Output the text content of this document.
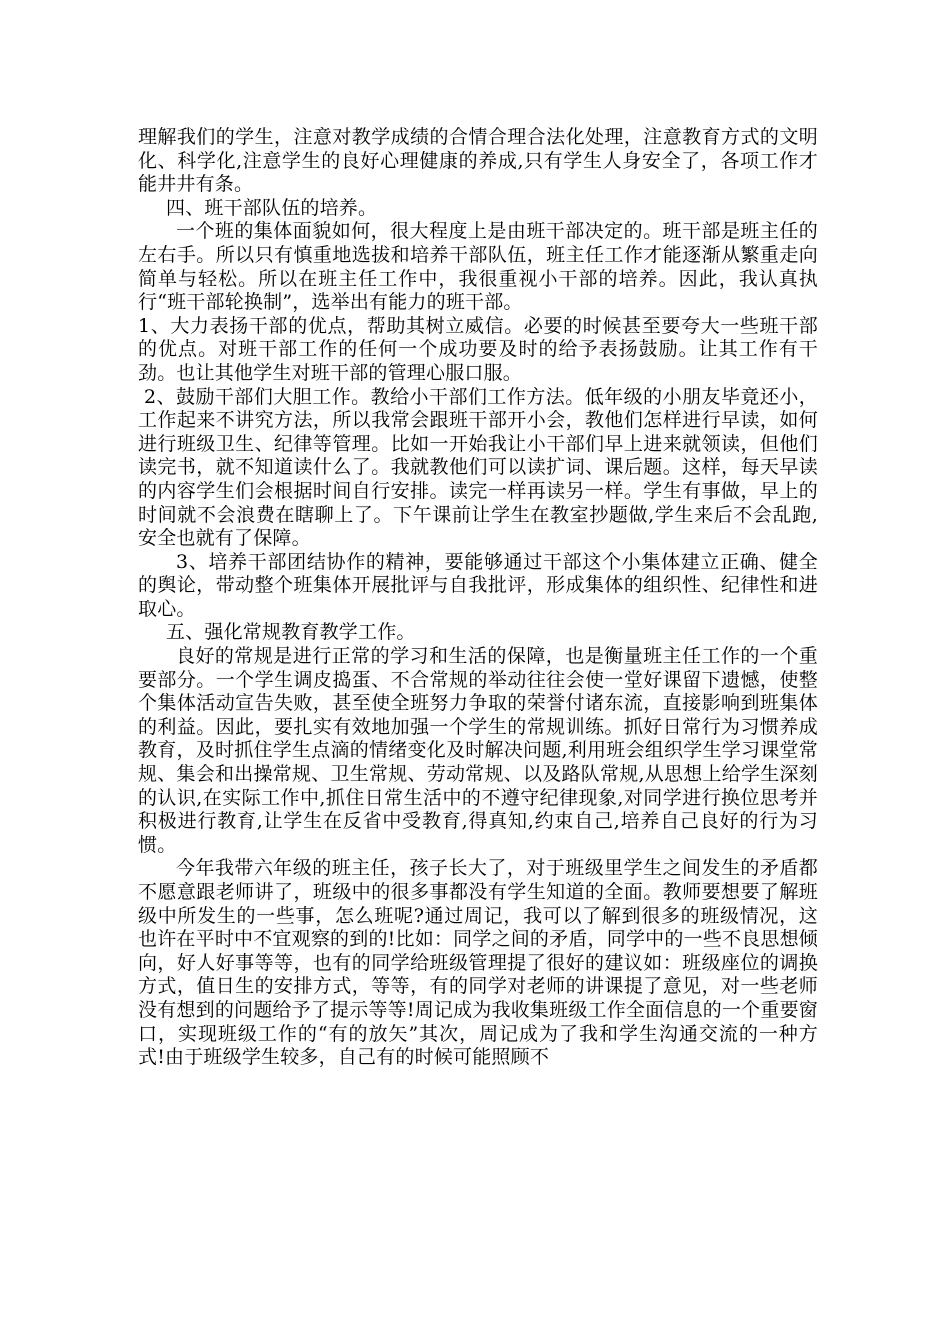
理解我们的学生，注意对教学成绩的合情合理合法化处理，注意教育方式的文明化、科学化,注意学生的良好心理健康的养成,只有学生人身安全了，各项工作才能井井有条。

四、班干部队伍的培养。

一个班的集体面貌如何，很大程度上是由班干部决定的。班干部是班主任的左右手。所以只有慎重地选拔和培养干部队伍，班主任工作才能逐渐从繁重走向简单与轻松。所以在班主任工作中，我很重视小干部的培养。因此，我认真执行“班干部轮换制”，选举出有能力的班干部。

1、大力表扬干部的优点，帮助其树立威信。必要的时候甚至要夸大一些班干部的优点。对班干部工作的任何一个成功要及时的给予表扬鼓励。让其工作有干劲。也让其他学生对班干部的管理心服口服。

2、鼓励干部们大胆工作。教给小干部们工作方法。低年级的小朋友毕竟还小，工作起来不讲究方法，所以我常会跟班干部开小会，教他们怎样进行早读，如何进行班级卫生、纪律等管理。比如一开始我让小干部们早上进来就领读，但他们读完书，就不知道读什么了。我就教他们可以读扩词、课后题。这样，每天早读的内容学生们会根据时间自行安排。读完一样再读另一样。学生有事做，早上的时间就不会浪费在瞎聊上了。下午课前让学生在教室抄题做,学生来后不会乱跑,安全也就有了保障。

3、培养干部团结协作的精神，要能够通过干部这个小集体建立正确、健全的舆论，带动整个班集体开展批评与自我批评，形成集体的组织性、纪律性和进取心。

五、强化常规教育教学工作。

良好的常规是进行正常的学习和生活的保障，也是衡量班主任工作的一个重要部分。一个学生调皮捣蛋、不合常规的举动往往会使一堂好课留下遗憾，使整个集体活动宣告失败，甚至使全班努力争取的荣誉付诸东流，直接影响到班集体的利益。因此，要扎实有效地加强一个学生的常规训练。抓好日常行为习惯养成教育，及时抓住学生点滴的情绪变化及时解决问题,利用班会组织学生学习课堂常规、集会和出操常规、卫生常规、劳动常规、以及路队常规,从思想上给学生深刻的认识,在实际工作中,抓住日常生活中的不遵守纪律现象,对同学进行换位思考并积极进行教育,让学生在反省中受教育,得真知,约束自己,培养自己良好的行为习惯。

今年我带六年级的班主任，孩子长大了，对于班级里学生之间发生的矛盾都不愿意跟老师讲了，班级中的很多事都没有学生知道的全面。教师要想要了解班级中所发生的一些事，怎么班呢?通过周记，我可以了解到很多的班级情况，这也许在平时中不宜观察的到的!比如：同学之间的矛盾，同学中的一些不良思想倾向，好人好事等等，也有的同学给班级管理提了很好的建议如：班级座位的调换方式，值日生的安排方式，等等，有的同学对老师的讲课提了意见，对一些老师没有想到的问题给予了提示等等!周记成为我收集班级工作全面信息的一个重要窗口，实现班级工作的“有的放矢”其次，周记成为了我和学生沟通交流的一种方式!由于班级学生较多，自己有的时候可能照顾不
